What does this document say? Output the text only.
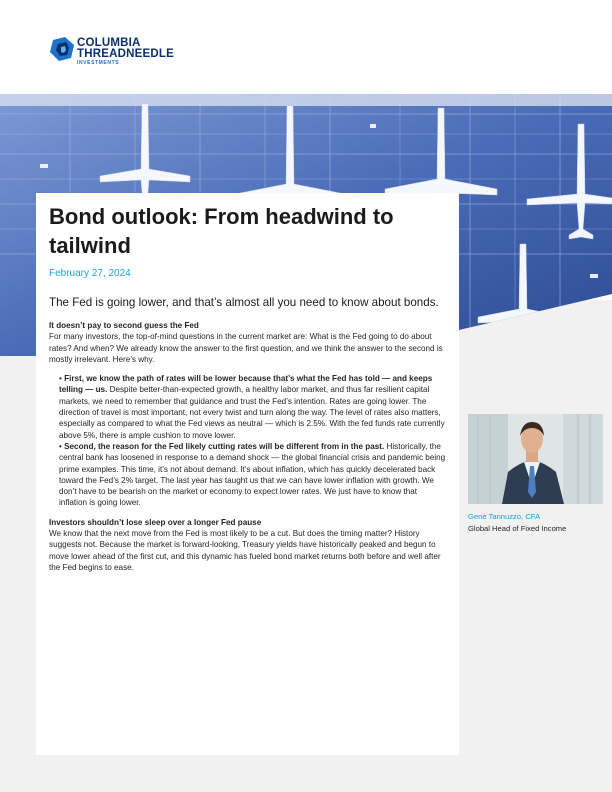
COLUMBIA
THREADNEEDLE
INVESTMENTS
Bond outlook: From headwind to tailwind
February 27, 2024
The Fed is going lower, and that’s almost all you need to know about bonds.

It doesn’t pay to second guess the Fed

For many investors, the top-of-mind questions in the current market are: What is the Fed going to do about rates? And when? We already know the answer to the first question, and we think the answer to the second is mostly irrelevant. Here’s why.

• First, we know the path of rates will be lower because that’s what the Fed has told — and keeps telling — us. Despite better-than-expected growth, a healthy labor market, and thus far resilient capital markets, we need to remember that guidance and trust the Fed’s intention. Rates are going lower. The direction of travel is most important, not every twist and turn along the way. The level of rates also matters, especially as compared to what the Fed views as neutral — which is 2.5%. With the fed funds rate currently above 5%, there is ample cushion to move lower.

• Second, the reason for the Fed likely cutting rates will be different from in the past. Historically, the central bank has loosened in response to a demand shock — the global financial crisis and pandemic being prime examples. This time, it’s not about demand. It’s about inflation, which has quickly decelerated back toward the Fed’s 2% target. The last year has taught us that we can have lower inflation with growth. We don’t have to be bearish on the market or economy to expect lower rates. We just have to know that inflation is going lower.

Investors shouldn’t lose sleep over a longer Fed pause

We know that the next move from the Fed is most likely to be a cut. But does the timing matter? History suggests not. Because the market is forward-looking, Treasury yields have historically peaked and begun to move lower ahead of the first cut, and this dynamic has fueled bond market returns both before and well after the Fed begins to ease.

Gene Tannuzzo, CFA
Global Head of Fixed Income
